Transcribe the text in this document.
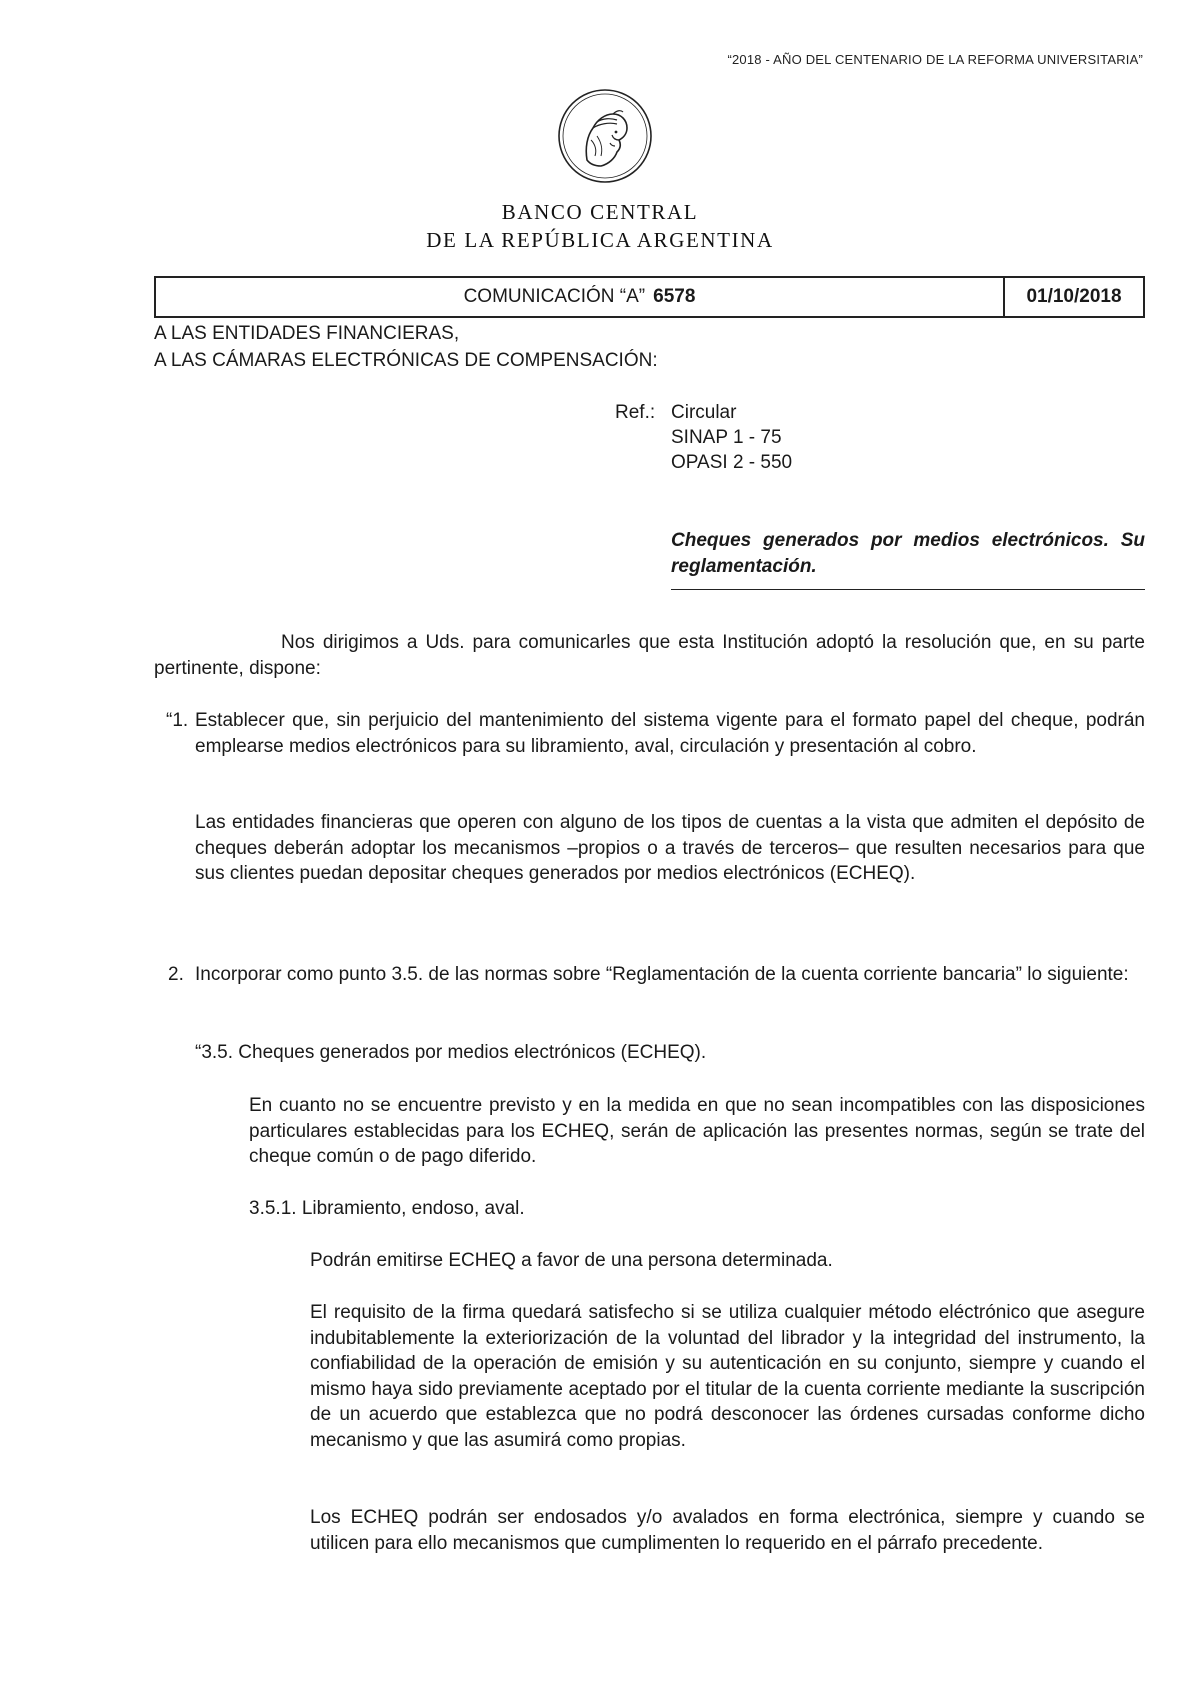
“2018 - AÑO DEL CENTENARIO DE LA REFORMA UNIVERSITARIA”
BANCO CENTRAL
DE LA REPÚBLICA ARGENTINA
COMUNICACIÓN “A” 6578	01/10/2018
A LAS ENTIDADES FINANCIERAS,
A LAS CÁMARAS ELECTRÓNICAS DE COMPENSACIÓN:
Ref.: Circular
SINAP 1 - 75
OPASI 2 - 550
Cheques generados por medios electrónicos. Su reglamentación.
Nos dirigimos a Uds. para comunicarles que esta Institución adoptó la resolución que, en su parte pertinente, dispone:
“1. Establecer que, sin perjuicio del mantenimiento del sistema vigente para el formato papel del cheque, podrán emplearse medios electrónicos para su libramiento, aval, circulación y presentación al cobro.
Las entidades financieras que operen con alguno de los tipos de cuentas a la vista que admiten el depósito de cheques deberán adoptar los mecanismos –propios o a través de terceros– que resulten necesarios para que sus clientes puedan depositar cheques generados por medios electrónicos (ECHEQ).
2. Incorporar como punto 3.5. de las normas sobre “Reglamentación de la cuenta corriente bancaria” lo siguiente:
“3.5. Cheques generados por medios electrónicos (ECHEQ).
En cuanto no se encuentre previsto y en la medida en que no sean incompatibles con las disposiciones particulares establecidas para los ECHEQ, serán de aplicación las presentes normas, según se trate del cheque común o de pago diferido.
3.5.1. Libramiento, endoso, aval.
Podrán emitirse ECHEQ a favor de una persona determinada.
El requisito de la firma quedará satisfecho si se utiliza cualquier método eléctrónico que asegure indubitablemente la exteriorización de la voluntad del librador y la integridad del instrumento, la confiabilidad de la operación de emisión y su autenticación en su conjunto, siempre y cuando el mismo haya sido previamente aceptado por el titular de la cuenta corriente mediante la suscripción de un acuerdo que establezca que no podrá desconocer las órdenes cursadas conforme dicho mecanismo y que las asumirá como propias.
Los ECHEQ podrán ser endosados y/o avalados en forma electrónica, siempre y cuando se utilicen para ello mecanismos que cumplimenten lo requerido en el párrafo precedente.
